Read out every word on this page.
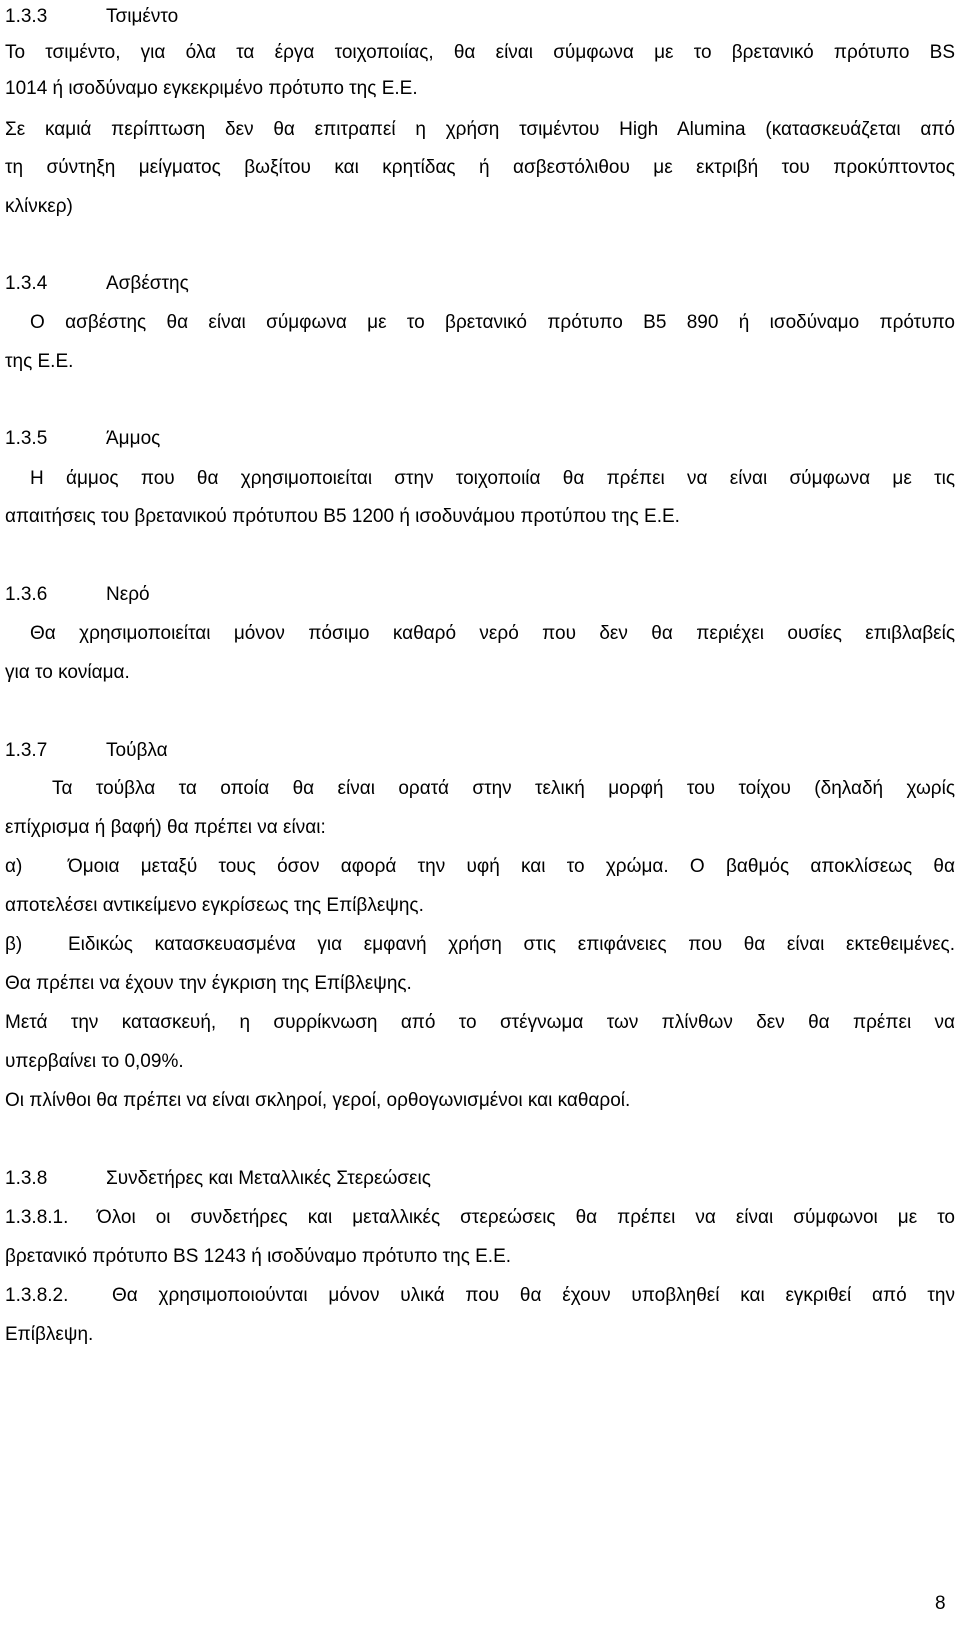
1.3.3	Τσιμέντο
Το τσιμέντο, για όλα τα έργα τοιχοποιίας, θα είναι σύμφωνα με το βρετανικό πρότυπο BS
1014 ή ισοδύναμο εγκεκριμένο πρότυπο της Ε.Ε.
Σε καμιά περίπτωση δεν θα επιτραπεί η χρήση τσιμέντου High Alumina (κατασκευάζεται από
τη σύντηξη μείγματος βωξίτου και κρητίδας ή ασβεστόλιθου με εκτριβή του προκύπτοντος
κλίνκερ)
1.3.4	Ασβέστης
Ο ασβέστης θα είναι σύμφωνα με το βρετανικό πρότυπο B5 890 ή ισοδύναμο πρότυπο
της Ε.Ε.
1.3.5	Άμμος
Η άμμος που θα χρησιμοποιείται στην τοιχοποιία θα πρέπει να είναι σύμφωνα με τις
απαιτήσεις του βρετανικού πρότυπου B5 1200 ή ισοδυνάμου προτύπου της Ε.Ε.
1.3.6	Νερό
Θα χρησιμοποιείται μόνον πόσιμο καθαρό νερό που δεν θα περιέχει ουσίες επιβλαβείς
για το κονίαμα.
1.3.7	Τούβλα
Τα τούβλα τα οποία θα είναι ορατά στην τελική μορφή του τοίχου (δηλαδή χωρίς
επίχρισμα ή βαφή) θα πρέπει να είναι:
α) Όμοια μεταξύ τους όσον αφορά την υφή και το χρώμα. Ο βαθμός αποκλίσεως θα
αποτελέσει αντικείμενο εγκρίσεως της Επίβλεψης.
β) Ειδικώς κατασκευασμένα για εμφανή χρήση στις επιφάνειες που θα είναι εκτεθειμένες.
Θα πρέπει να έχουν την έγκριση της Επίβλεψης.
Μετά την κατασκευή, η συρρίκνωση από το στέγνωμα των πλίνθων δεν θα πρέπει να
υπερβαίνει το 0,09%.
Οι πλίνθοι θα πρέπει να είναι σκληροί, γεροί, ορθογωνισμένοι και καθαροί.
1.3.8	Συνδετήρες και Μεταλλικές Στερεώσεις
1.3.8.1. Όλοι οι συνδετήρες και μεταλλικές στερεώσεις θα πρέπει να είναι σύμφωνοι με το
βρετανικό πρότυπο BS 1243 ή ισοδύναμο πρότυπο της Ε.Ε.
1.3.8.2. Θα χρησιμοποιούνται μόνον υλικά που θα έχουν υποβληθεί και εγκριθεί από την
Επίβλεψη.
8
